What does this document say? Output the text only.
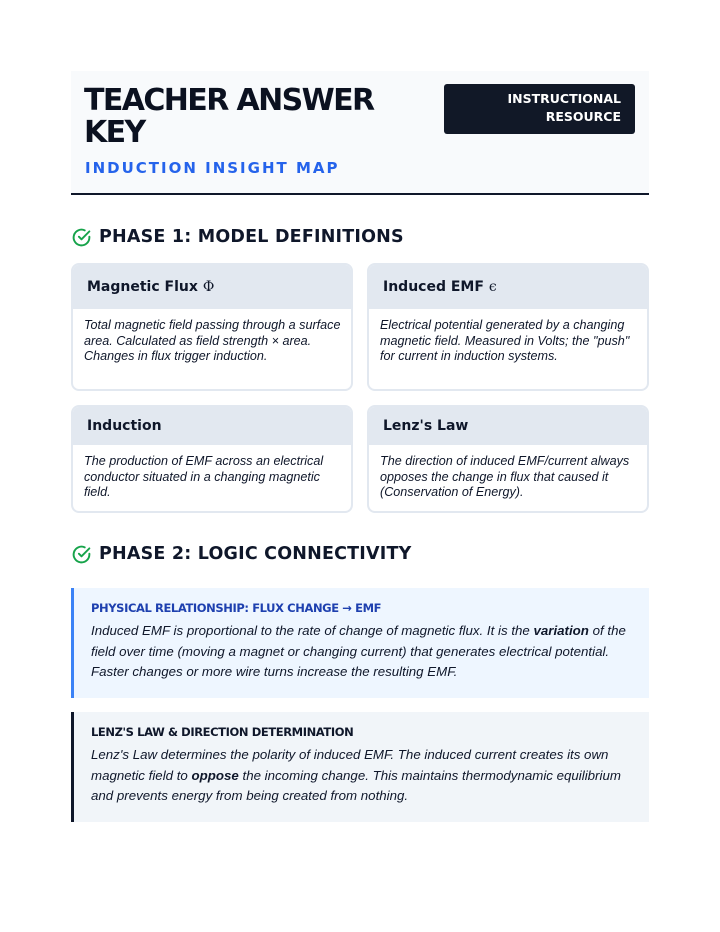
TEACHER ANSWER KEY
INDUCTION INSIGHT MAP
INSTRUCTIONAL RESOURCE
PHASE 1: MODEL DEFINITIONS
Magnetic Flux Φ
Total magnetic field passing through a surface area. Calculated as field strength × area. Changes in flux trigger induction.
Induced EMF ϵ
Electrical potential generated by a changing magnetic field. Measured in Volts; the "push" for current in induction systems.
Induction
The production of EMF across an electrical conductor situated in a changing magnetic field.
Lenz's Law
The direction of induced EMF/current always opposes the change in flux that caused it (Conservation of Energy).
PHASE 2: LOGIC CONNECTIVITY
PHYSICAL RELATIONSHIP: FLUX CHANGE → EMF
Induced EMF is proportional to the rate of change of magnetic flux. It is the variation of the field over time (moving a magnet or changing current) that generates electrical potential. Faster changes or more wire turns increase the resulting EMF.
LENZ'S LAW & DIRECTION DETERMINATION
Lenz's Law determines the polarity of induced EMF. The induced current creates its own magnetic field to oppose the incoming change. This maintains thermodynamic equilibrium and prevents energy from being created from nothing.
